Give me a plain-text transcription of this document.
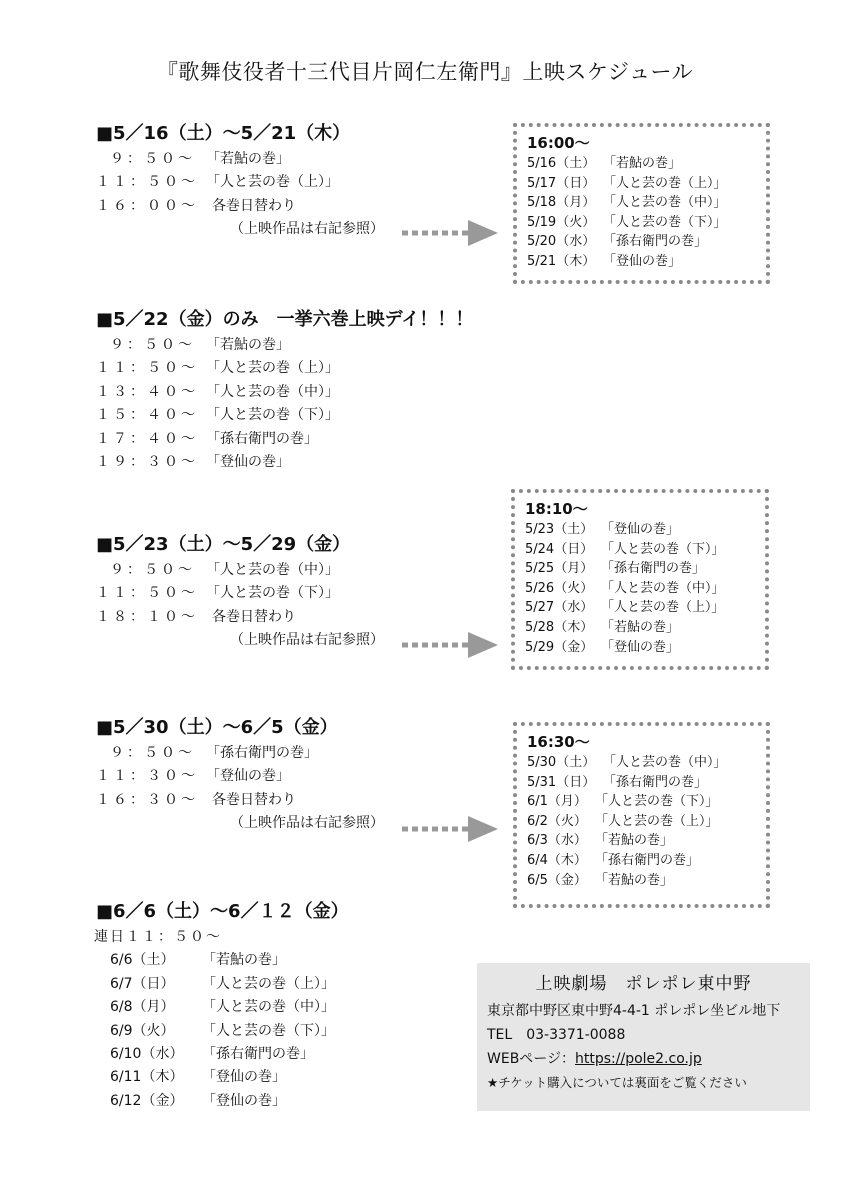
『歌舞伎役者十三代目片岡仁左衛門』上映スケジュール
■5／16（土）〜5／21（木）
９：５０〜 「若鮎の巻」
１１：５０〜 「人と芸の巻（上）」
１６：００〜 各巻日替わり
（上映作品は右記参照）
■5／22（金）のみ　一挙六巻上映デイ！！！
９：５０〜 「若鮎の巻」
１１：５０〜 「人と芸の巻（上）」
１３：４０〜 「人と芸の巻（中）」
１５：４０〜 「人と芸の巻（下）」
１７：４０〜 「孫右衛門の巻」
１９：３０〜 「登仙の巻」
■5／23（土）〜5／29（金）
９：５０〜 「人と芸の巻（中）」
１１：５０〜 「人と芸の巻（下）」
１８：１０〜 各巻日替わり
（上映作品は右記参照）
■5／30（土）〜6／5（金）
９：５０〜 「孫右衛門の巻」
１１：３０〜 「登仙の巻」
１６：３０〜 各巻日替わり
（上映作品は右記参照）
16:00〜
5/16（土） 「若鮎の巻」
5/17（日） 「人と芸の巻（上）」
5/18（月） 「人と芸の巻（中）」
5/19（火） 「人と芸の巻（下）」
5/20（水） 「孫右衛門の巻」
5/21（木） 「登仙の巻」
18:10〜
5/23（土） 「登仙の巻」
5/24（日） 「人と芸の巻（下）」
5/25（月） 「孫右衛門の巻」
5/26（火） 「人と芸の巻（中）」
5/27（水） 「人と芸の巻（上）」
5/28（木） 「若鮎の巻」
5/29（金） 「登仙の巻」
16:30〜
5/30（土） 「人と芸の巻（中）」
5/31（日） 「孫右衛門の巻」
6/1（月） 「人と芸の巻（下）」
6/2（火） 「人と芸の巻（上）」
6/3（水） 「若鮎の巻」
6/4（木） 「孫右衛門の巻」
6/5（金） 「若鮎の巻」
■6／6（土）〜6／１２（金）
連日１１：５０〜
6/6（土） 「若鮎の巻」
6/7（日） 「人と芸の巻（上）」
6/8（月） 「人と芸の巻（中）」
6/9（火） 「人と芸の巻（下）」
6/10（水） 「孫右衛門の巻」
6/11（木） 「登仙の巻」
6/12（金） 「登仙の巻」
上映劇場　ポレポレ東中野
東京都中野区東中野4-4-1 ポレポレ坐ビル地下
TEL　03-3371-0088
WEBページ：https://pole2.co.jp
★チケット購入については裏面をご覧ください
